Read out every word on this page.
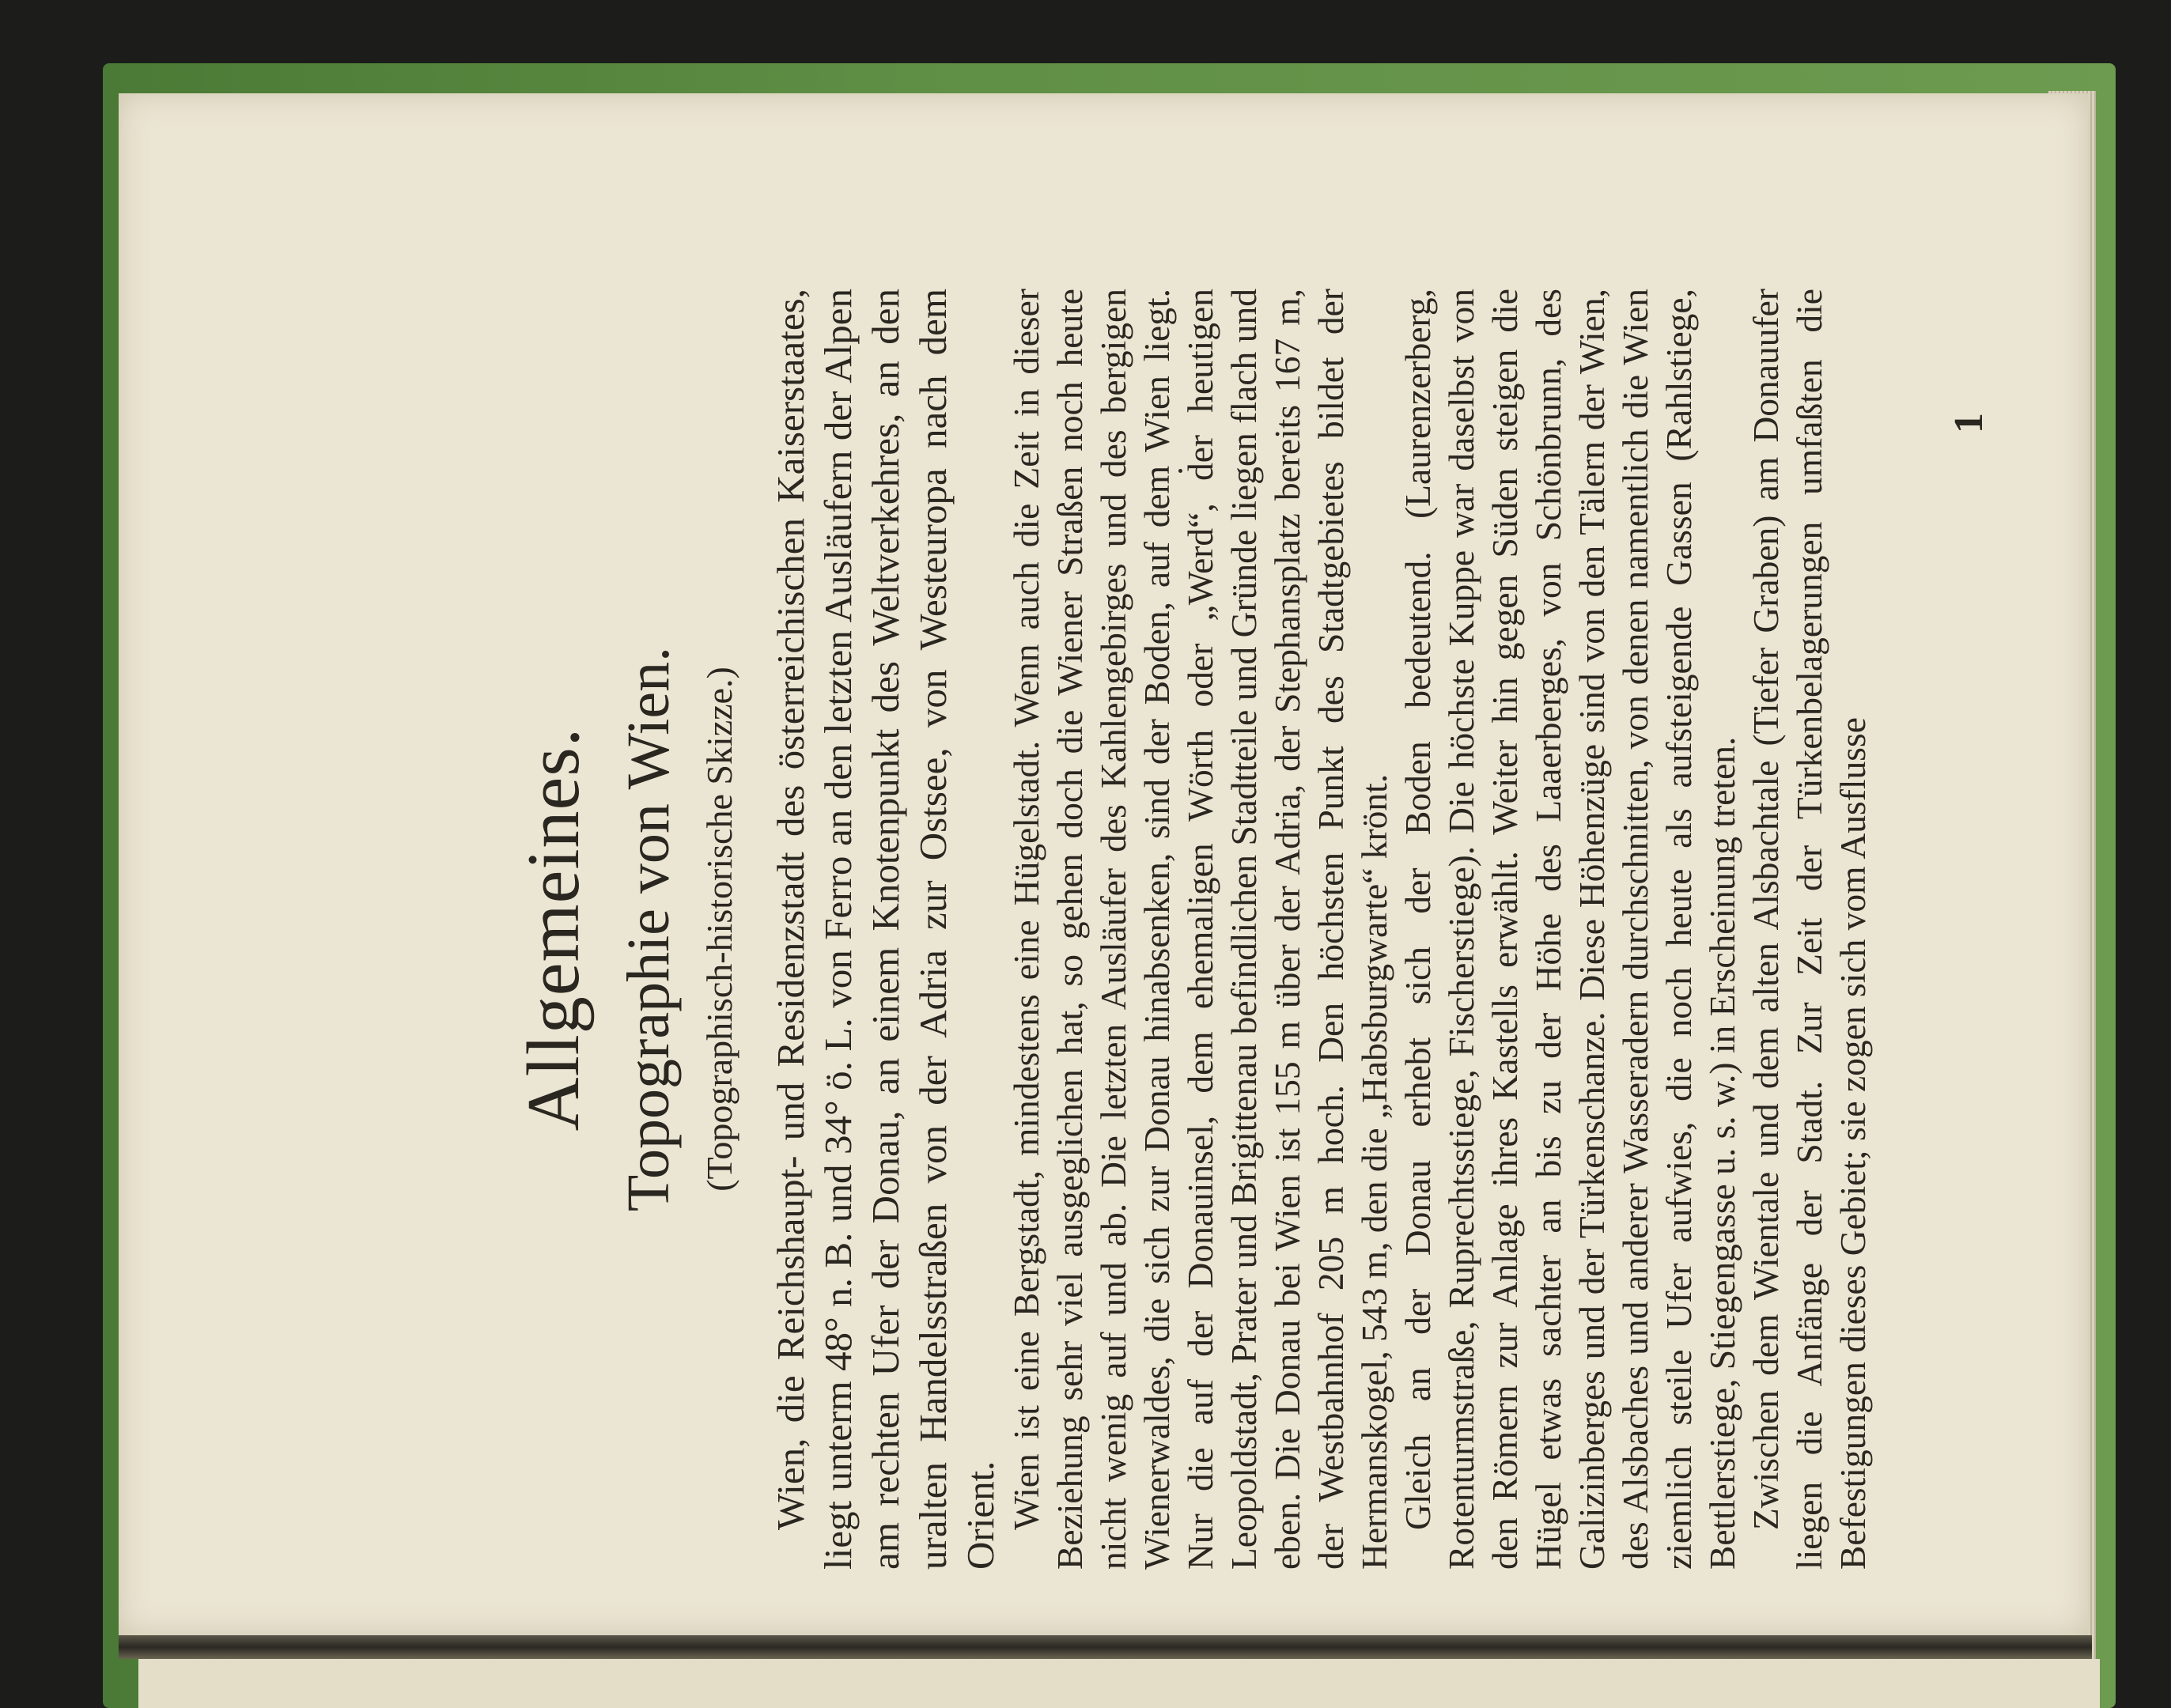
Allgemeines. Topographie von Wien. (Topographisch-historische Skizze.) Wien, die Reichshaupt- und Residenzstadt des österreichischen Kaiserstaates, liegt unterm 48° n. B. und 34° ö. L. von Ferro an den letzten Ausläufern der Alpen am rechten Ufer der Donau, an einem Knotenpunkt des Weltverkehres, an den uralten Handelsstraßen von der Adria zur Ostsee, von Westeuropa nach dem Orient. Wien ist eine Bergstadt, mindestens eine Hügelstadt. Wenn auch die Zeit in dieser Beziehung sehr viel ausgeglichen hat, so gehen doch die Wiener Straßen noch heute nicht wenig auf und ab. Die letzten Ausläufer des Kahlengebirges und des bergigen Wienerwaldes, die sich zur Donau hinabsenken, sind der Boden, auf dem Wien liegt. Nur die auf der Donauinsel, dem ehemaligen Wörth oder „Werd“, der heutigen Leopoldstadt, Prater und Brigittenau befindlichen Stadtteile und Gründe liegen flach und eben. Die Donau bei Wien ist 155 m über der Adria, der Stephansplatz bereits 167 m, der Westbahnhof 205 m hoch. Den höchsten Punkt des Stadtgebietes bildet der Hermanskogel, 543 m, den die „Habsburgwarte“ krönt. Gleich an der Donau erhebt sich der Boden bedeutend. (Laurenzerberg, Rotenturmstraße, Ruprechtsstiege, Fischerstiege). Die höchste Kuppe war daselbst von den Römern zur Anlage ihres Kastells erwählt. Weiter hin gegen Süden steigen die Hügel etwas sachter an bis zu der Höhe des Laaerberges, von Schönbrunn, des Galizinberges und der Türkenschanze. Diese Höhenzüge sind von den Tälern der Wien, des Alsbaches und anderer Wasseradern durchschnitten, von denen namentlich die Wien ziemlich steile Ufer aufwies, die noch heute als aufsteigende Gassen (Rahlstiege, Bettlerstiege, Stiegengasse u. s. w.) in Erscheinung treten. Zwischen dem Wientale und dem alten Alsbachtale (Tiefer Graben) am Donauufer liegen die Anfänge der Stadt. Zur Zeit der Türkenbelagerungen umfaßten die Befestigungen dieses Gebiet; sie zogen sich vom Ausflusse

1
